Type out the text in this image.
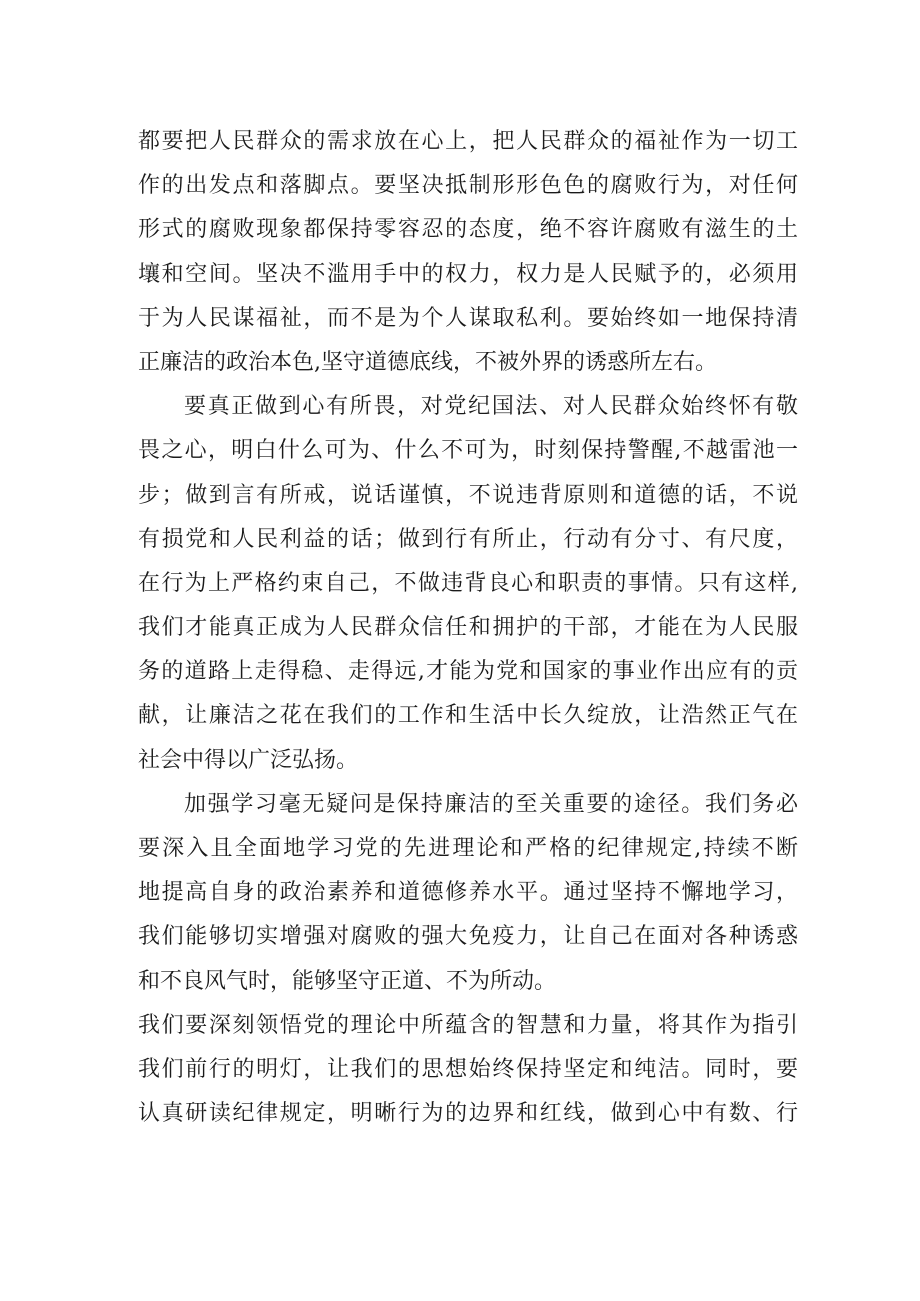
都要把人民群众的需求放在心上，把人民群众的福祉作为一切工
作的出发点和落脚点。要坚决抵制形形色色的腐败行为，对任何
形式的腐败现象都保持零容忍的态度，绝不容许腐败有滋生的土
壤和空间。坚决不滥用手中的权力，权力是人民赋予的，必须用
于为人民谋福祉，而不是为个人谋取私利。要始终如一地保持清
正廉洁的政治本色,坚守道德底线，不被外界的诱惑所左右。
要真正做到心有所畏，对党纪国法、对人民群众始终怀有敬
畏之心，明白什么可为、什么不可为，时刻保持警醒,不越雷池一
步；做到言有所戒，说话谨慎，不说违背原则和道德的话，不说
有损党和人民利益的话；做到行有所止，行动有分寸、有尺度，
在行为上严格约束自己，不做违背良心和职责的事情。只有这样,
我们才能真正成为人民群众信任和拥护的干部，才能在为人民服
务的道路上走得稳、走得远,才能为党和国家的事业作出应有的贡
献，让廉洁之花在我们的工作和生活中长久绽放，让浩然正气在
社会中得以广泛弘扬。
加强学习毫无疑问是保持廉洁的至关重要的途径。我们务必
要深入且全面地学习党的先进理论和严格的纪律规定,持续不断
地提高自身的政治素养和道德修养水平。通过坚持不懈地学习，
我们能够切实增强对腐败的强大免疫力，让自己在面对各种诱惑
和不良风气时，能够坚守正道、不为所动。
我们要深刻领悟党的理论中所蕴含的智慧和力量，将其作为指引
我们前行的明灯，让我们的思想始终保持坚定和纯洁。同时，要
认真研读纪律规定，明晰行为的边界和红线，做到心中有数、行
